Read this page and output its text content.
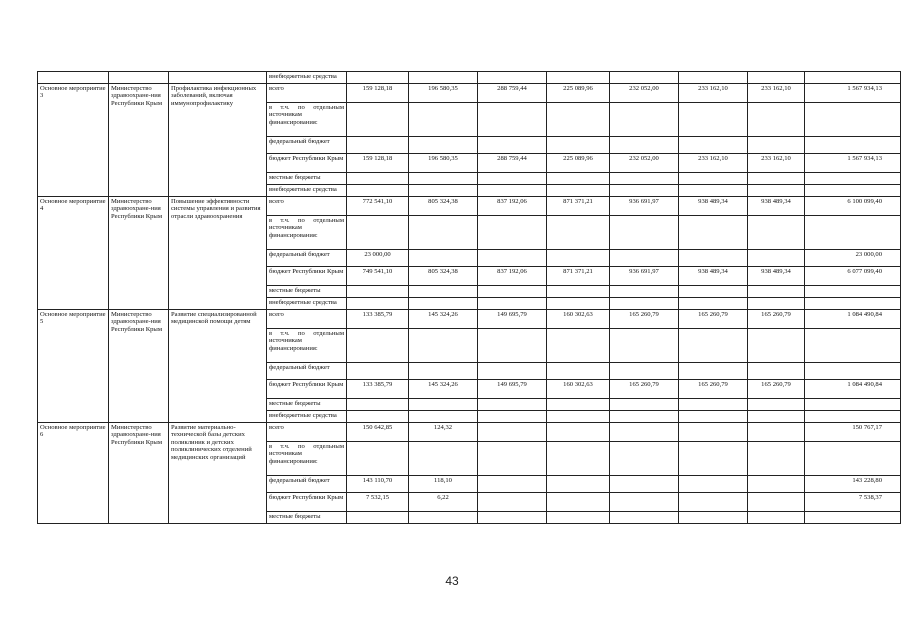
			внебюджетные средства								
Основное мероприятие 3	Министерство здравоохране-ния Республики Крым	Профилактика инфекционных заболеваний, включая иммунопрофилактику	всего	159 128,18	196 580,35	288 759,44	225 089,96	232 052,00	233 162,10	233 162,10	1 567 934,13
			в т.ч. по отдельным источникам финансирования:								
			федеральный бюджет								
			бюджет Республики Крым	159 128,18	196 580,35	288 759,44	225 089,96	232 052,00	233 162,10	233 162,10	1 567 934,13
			местные бюджеты								
			внебюджетные средства								
Основное мероприятие 4	Министерство здравоохране-ния Республики Крым	Повышение эффективности системы управления и развития отрасли здравоохранения	всего	772 541,10	805 324,38	837 192,06	871 371,21	936 691,97	938 489,34	938 489,34	6 100 099,40
			в т.ч. по отдельным источникам финансирования:								
			федеральный бюджет	23 000,00							23 000,00
			бюджет Республики Крым	749 541,10	805 324,38	837 192,06	871 371,21	936 691,97	938 489,34	938 489,34	6 077 099,40
			местные бюджеты								
			внебюджетные средства								
Основное мероприятие 5	Министерство здравоохране-ния Республики Крым	Развитие специализированной медицинской помощи детям	всего	133 385,79	145 324,26	149 695,79	160 302,63	165 260,79	165 260,79	165 260,79	1 084 490,84
			в т.ч. по отдельным источникам финансирования:								
			федеральный бюджет								
			бюджет Республики Крым	133 385,79	145 324,26	149 695,79	160 302,63	165 260,79	165 260,79	165 260,79	1 084 490,84
			местные бюджеты								
			внебюджетные средства								
Основное мероприятие 6	Министерство здравоохране-ния Республики Крым	Развитие материально-технической базы детских поликлиник и детских поликлинических отделений медицинских организаций	всего	150 642,85	124,32						150 767,17
			в т.ч. по отдельным источникам финансирования:								
			федеральный бюджет	143 110,70	118,10						143 228,80
			бюджет Республики Крым	7 532,15	6,22						7 538,37
			местные бюджеты								
43
